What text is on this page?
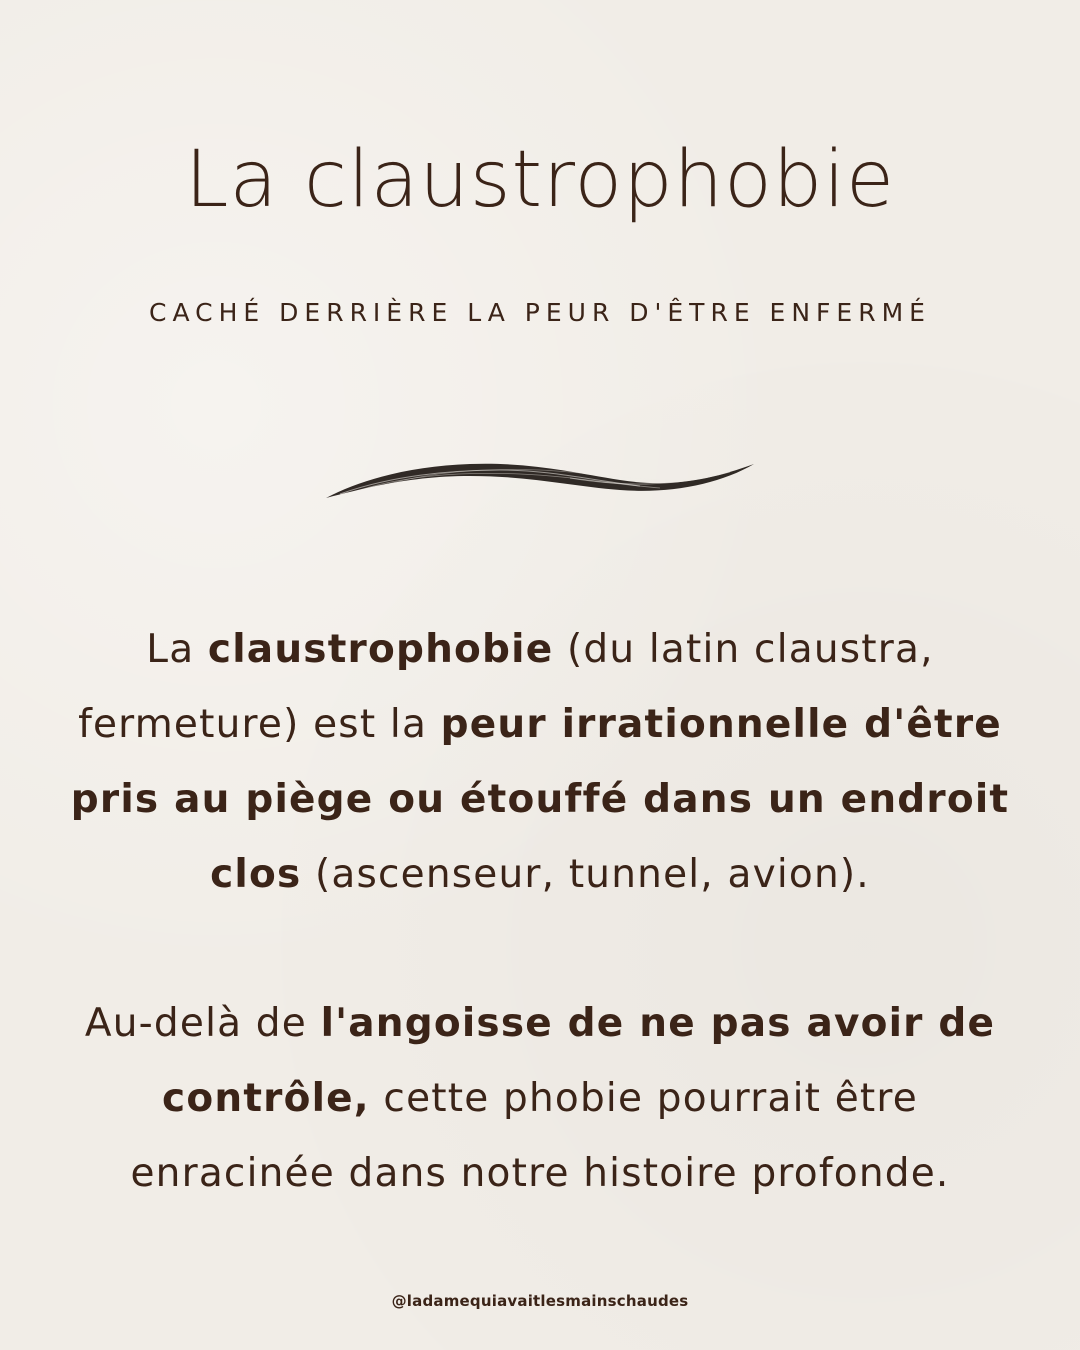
La claustrophobie
CACHÉ DERRIÈRE LA PEUR D'ÊTRE ENFERMÉ
La claustrophobie (du latin claustra, fermeture) est la peur irrationnelle d'être pris au piège ou étouffé dans un endroit clos (ascenseur, tunnel, avion).
Au-delà de l'angoisse de ne pas avoir de contrôle, cette phobie pourrait être enracinée dans notre histoire profonde.
@ladamequiavaitlesmainschaudes
